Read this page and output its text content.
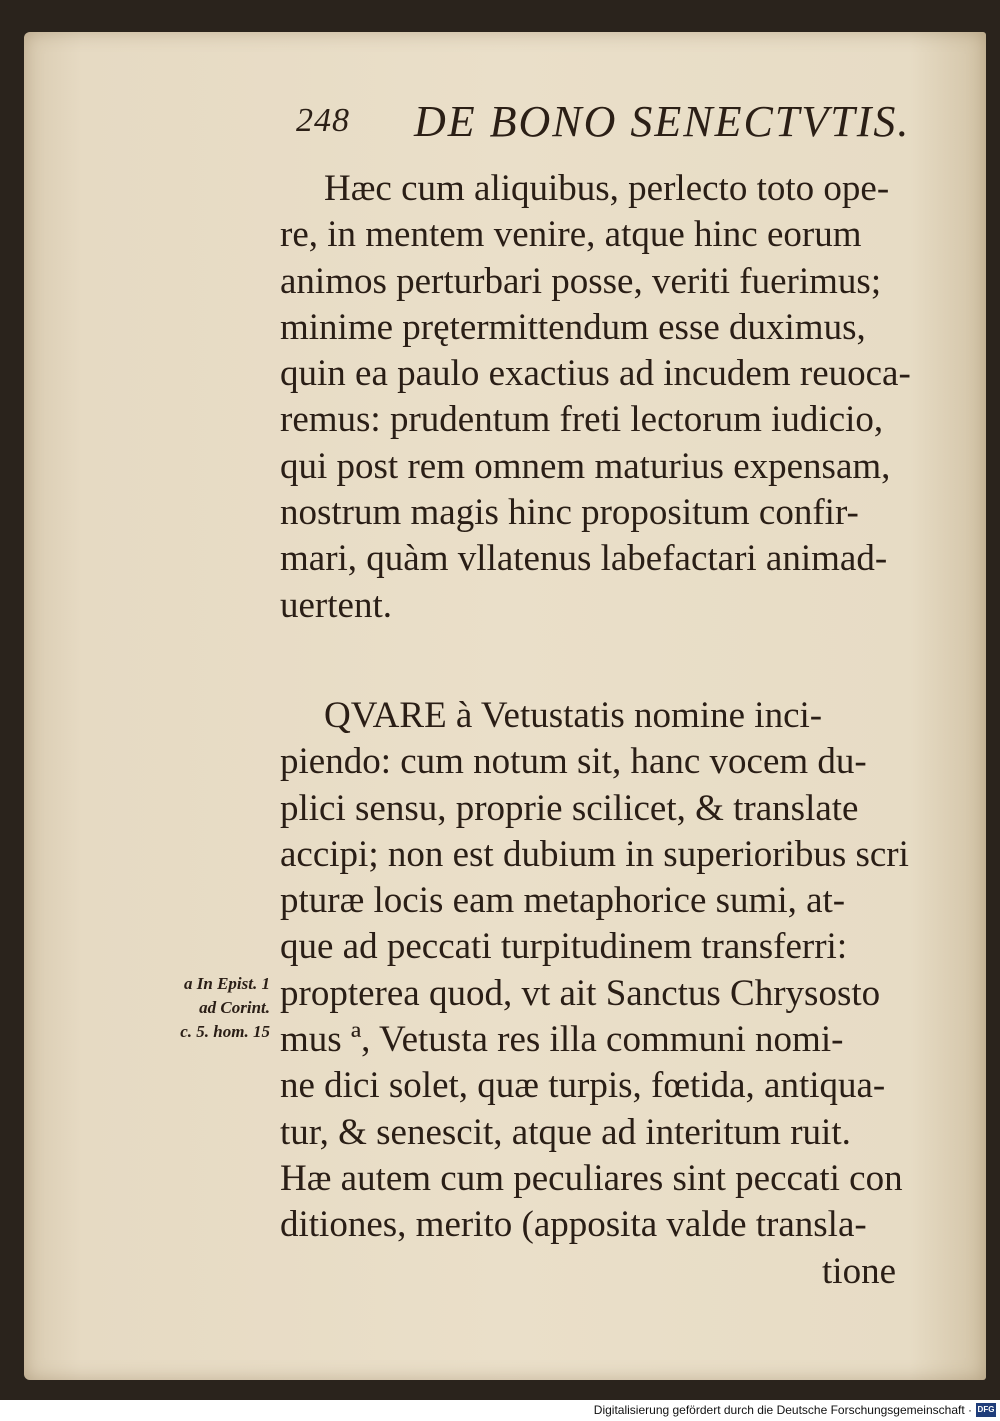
248 DE BONO SENECTVTIS.
Hæc cum aliquibus, perlecto toto ope-
re, in mentem venire, atque hinc eorum
animos perturbari posse, veriti fuerimus;
minime prętermittendum esse duximus,
quin ea paulo exactius ad incudem reuoca-
remus: prudentum freti lectorum iudicio,
qui post rem omnem maturius expensam,
nostrum magis hinc propositum confir-
mari, quàm vllatenus labefactari animad-
uertent.
QVARE à Vetustatis nomine inci-
piendo: cum notum sit, hanc vocem du-
plici sensu, proprie scilicet, & translate
accipi; non est dubium in superioribus scri
pturæ locis eam metaphorice sumi, at-
que ad peccati turpitudinem transferri:
propterea quod, vt ait Sanctus Chrysosto
mus ª, Vetusta res illa communi nomi-
ne dici solet, quæ turpis, fœtida, antiqua-
tur, & senescit, atque ad interitum ruit.
Hæ autem cum peculiares sint peccati con
ditiones, merito (apposita valde transla-
tione
a In Epist. 1
ad Corint.
c. 5. hom. 15
Digitalisierung gefördert durch die Deutsche Forschungsgemeinschaft · DFG
